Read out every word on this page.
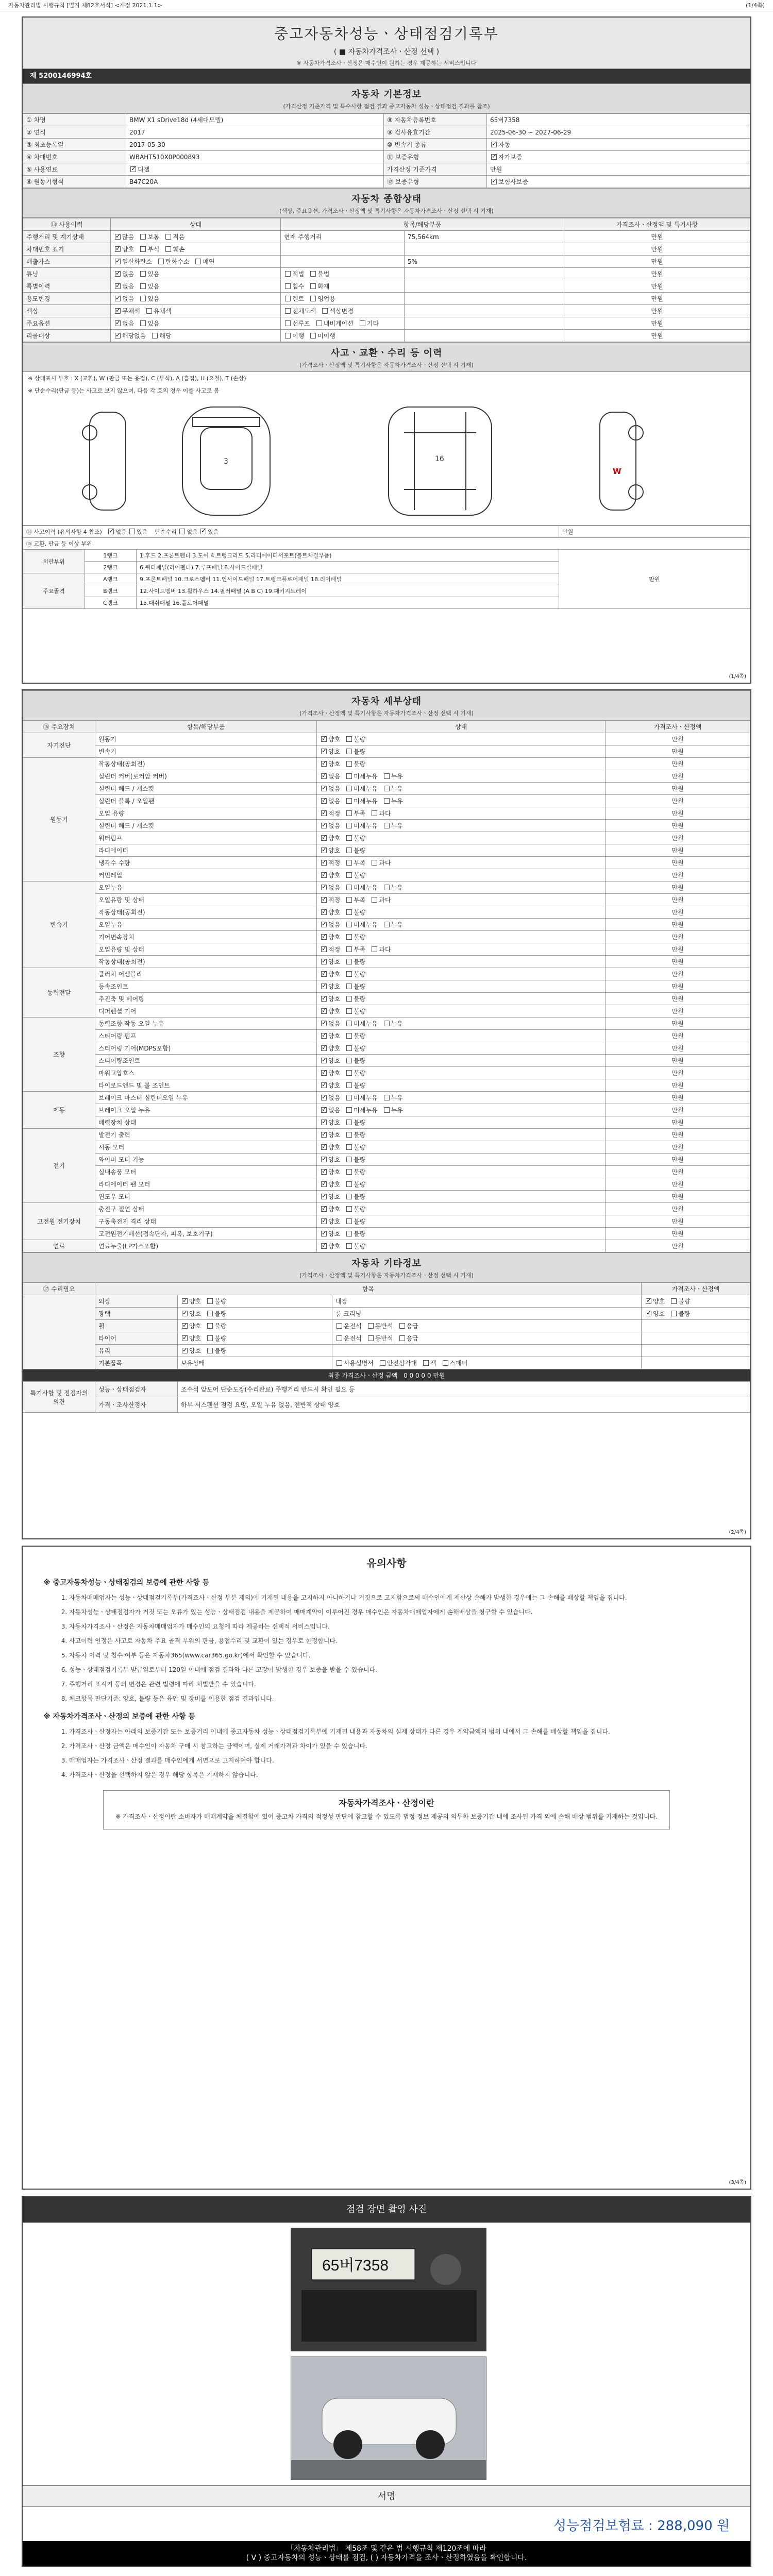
자동차관리법 시행규칙 [별지 제82호서식] <개정 2021.1.1>	(1/4쪽)
중고자동차성능ㆍ상태점검기록부
( ■ 자동차가격조사ㆍ산정 선택 )
※ 자동차가격조사ㆍ산정은 매수인이 원하는 경우 제공하는 서비스입니다
제 5200146994호
자동차 기본정보
(가격산정 기준가격 및 특수사항 점검 결과 중고자동차 성능ㆍ상태점검 결과를 참조)
① 차명	BMW X1 sDrive18d (4세대모델)	⑧ 자동차등록번호	65버7358
② 연식	2017	⑨ 검사유효기간	2025-06-30 ~ 2027-06-29
③ 최초등록일	2017-05-30	⑩ 변속기 종류	✓자동
④ 차대번호	WBAHT510X0P000893	⑪ 보증유형	✓자가보증
⑤ 사용연료	✓디젤	가격산정 기준가격	만원
⑥ 원동기형식	B47C20A	⑫ 보증유형	✓보험사보증
자동차 종합상태
(색상, 주요옵션, 가격조사ㆍ산정액 및 특기사항은 자동차가격조사ㆍ산정 선택 시 기재)
⑬ 사용이력	상태	항목/해당부품		가격조사ㆍ산정액 및 특기사항
주행거리 및 계기상태	✓많음 보통 적음	현재 주행거리	75,564km	만원
차대번호 표기	✓양호 부식 훼손			만원
배출가스	✓일산화탄소 탄화수소 매연		5%	만원
튜닝	✓없음 있음	적법 불법		만원
특별이력	✓없음 있음	침수 화재		만원
용도변경	✓없음 있음	렌트 영업용		만원
색상	✓무채색 유채색	전체도색 색상변경		만원
주요옵션	✓없음 있음	선루프 내비게이션 기타		만원
리콜대상	✓해당없음 해당	이행 미이행		만원
사고ㆍ교환ㆍ수리 등 이력
(가격조사ㆍ산정액 및 특기사항은 자동차가격조사ㆍ산정 선택 시 기재)
※ 상태표시 부호 : X (교환), W (판금 또는 용접), C (부식), A (흠집), U (요철), T (손상)
※ 단순수리(판금 등)는 사고로 보지 않으며, 다음 각 호의 경우 이를 사고로 봄
3	16
W
⑭ 사고이력 (유의사항 4 참조) ✓ 없음 있음 단순수리 없음 ✓ 있음			만원
⑮ 교환, 판금 등 이상 부위			
외판부위	1랭크	1.후드 2.프론트펜더 3.도어 4.트렁크리드 5.라디에이터서포트(볼트체결부품)	만원
	2랭크	6.쿼터패널(리어펜더) 7.루프패널 8.사이드실패널	
주요골격	A랭크	9.프론트패널 10.크로스멤버 11.인사이드패널 17.트렁크플로어패널 18.리어패널	
	B랭크	12.사이드멤버 13.휠하우스 14.필러패널 (A B C) 19.패키지트레이	
	C랭크	15.대쉬패널 16.플로어패널	
(1/4쪽)
자동차 세부상태
(가격조사ㆍ산정액 및 특기사항은 자동차가격조사ㆍ산정 선택 시 기재)
⑯ 주요장치	항목/해당부품	상태	가격조사ㆍ산정액
자기진단	원동기	✓양호 불량	만원
	변속기	✓양호 불량	만원
원동기	작동상태(공회전)	✓양호 불량	만원
	실린더 커버(로커암 커버)	✓없음 미세누유 누유	만원
	실린더 헤드 / 개스킷	✓없음 미세누유 누유	만원
	실린더 블록 / 오일팬	✓없음 미세누유 누유	만원
	오일 유량	✓적정 부족 과다	만원
	실린더 헤드 / 개스킷	✓없음 미세누유 누유	만원
	워터펌프	✓양호 불량	만원
	라디에이터	✓양호 불량	만원
	냉각수 수량	✓적정 부족 과다	만원
	커먼레일	✓양호 불량	만원
변속기	오일누유	✓없음 미세누유 누유	만원
	오일유량 및 상태	✓적정 부족 과다	만원
	작동상태(공회전)	✓양호 불량	만원
	오일누유	✓없음 미세누유 누유	만원
	기어변속장치	✓양호 불량	만원
	오일유량 및 상태	✓적정 부족 과다	만원
	작동상태(공회전)	✓양호 불량	만원
동력전달	클러치 어셈블리	✓양호 불량	만원
	등속조인트	✓양호 불량	만원
	추진축 및 베어링	✓양호 불량	만원
	디퍼렌셜 기어	✓양호 불량	만원
조향	동력조향 작동 오일 누유	✓없음 미세누유 누유	만원
	스티어링 펌프	✓양호 불량	만원
	스티어링 기어(MDPS포함)	✓양호 불량	만원
	스티어링조인트	✓양호 불량	만원
	파워고압호스	✓양호 불량	만원
	타이로드엔드 및 볼 조인트	✓양호 불량	만원
제동	브레이크 마스터 실린더오일 누유	✓없음 미세누유 누유	만원
	브레이크 오일 누유	✓없음 미세누유 누유	만원
	배력장치 상태	✓양호 불량	만원
전기	발전기 출력	✓양호 불량	만원
	시동 모터	✓양호 불량	만원
	와이퍼 모터 기능	✓양호 불량	만원
	실내송풍 모터	✓양호 불량	만원
	라디에이터 팬 모터	✓양호 불량	만원
	윈도우 모터	✓양호 불량	만원
고전원 전기장치	충전구 절연 상태	✓양호 불량	만원
	구동축전지 격리 상태	✓양호 불량	만원
	고전원전기배선(접속단자, 피복, 보호기구)	✓양호 불량	만원
연료	연료누출(LP가스포함)	✓양호 불량	만원
자동차 기타정보
(가격조사ㆍ산정액 및 특기사항은 자동차가격조사ㆍ산정 선택 시 기재)
⑰ 수리필요	항목			가격조사ㆍ산정액
	외장	✓양호 불량	내장	✓양호 불량
	광택	✓양호 불량	룸 크리닝	✓양호 불량
	휠	✓양호 불량	운전석 동반석 응급	
	타이어	✓양호 불량	운전석 동반석 응급	
	유리	✓양호 불량		
	기본품목	보유상태	사용설명서 안전삼각대 잭 스패너	
최종 가격조사ㆍ산정 금액 0 0 0 0 0 만원				
특기사항 및 점검자의 의견	성능ㆍ상태점검자	조수석 앞도어 단순도장(수리완료) 주행거리 반드시 확인 필요 등		
	가격ㆍ조사산정자	하부 서스펜션 점검 요망, 오일 누유 없음, 전반적 상태 양호		
(2/4쪽)
유의사항
※ 중고자동차성능ㆍ상태점검의 보증에 관한 사항 등
1. 자동차매매업자는 성능ㆍ상태점검기록부(가격조사ㆍ산정 부분 제외)에 기재된 내용을 고지하지 아니하거나 거짓으로 고지함으로써 매수인에게 재산상 손해가 발생한 경우에는 그 손해를 배상할 책임을 집니다.
2. 자동차성능ㆍ상태점검자가 거짓 또는 오류가 있는 성능ㆍ상태점검 내용을 제공하여 매매계약이 이루어진 경우 매수인은 자동차매매업자에게 손해배상을 청구할 수 있습니다.
3. 자동차가격조사ㆍ산정은 자동차매매업자가 매수인의 요청에 따라 제공하는 선택적 서비스입니다.
4. 사고이력 인정은 사고로 자동차 주요 골격 부위의 판금, 용접수리 및 교환이 있는 경우로 한정합니다.
5. 자동차 이력 및 침수 여부 등은 자동차365(www.car365.go.kr)에서 확인할 수 있습니다.
6. 성능ㆍ상태점검기록부 발급일로부터 120일 이내에 점검 결과와 다른 고장이 발생한 경우 보증을 받을 수 있습니다.
7. 주행거리 표시기 등의 변경은 관련 법령에 따라 처벌받을 수 있습니다.
8. 체크항목 판단기준: 양호, 불량 등은 육안 및 장비를 이용한 점검 결과입니다.
※ 자동차가격조사ㆍ산정의 보증에 관한 사항 등
1. 가격조사ㆍ산정자는 아래의 보증기간 또는 보증거리 이내에 중고자동차 성능ㆍ상태점검기록부에 기재된 내용과 자동차의 실제 상태가 다른 경우 계약금액의 범위 내에서 그 손해를 배상할 책임을 집니다.
2. 가격조사ㆍ산정 금액은 매수인이 자동차 구매 시 참고하는 금액이며, 실제 거래가격과 차이가 있을 수 있습니다.
3. 매매업자는 가격조사ㆍ산정 결과를 매수인에게 서면으로 고지하여야 합니다.
4. 가격조사ㆍ산정을 선택하지 않은 경우 해당 항목은 기재하지 않습니다.
자동차가격조사ㆍ산정이란
※ 가격조사ㆍ산정이란 소비자가 매매계약을 체결함에 있어 중고차 가격의 적정성 판단에 참고할 수 있도록 법정 정보 제공의 의무화 보증기간 내에 조사된 가격 외에 손해 배상 범위를 기재하는 것입니다.
(3/4쪽)
점검 장면 촬영 사진
65버7358
서명
성능점검보험료 : 288,090 원
「자동차관리법」 제58조 및 같은 법 시행규칙 제120조에 따라
( V ) 중고자동차의 성능ㆍ상태를 점검, ( ) 자동차가격을 조사ㆍ산정하였음을 확인합니다.
